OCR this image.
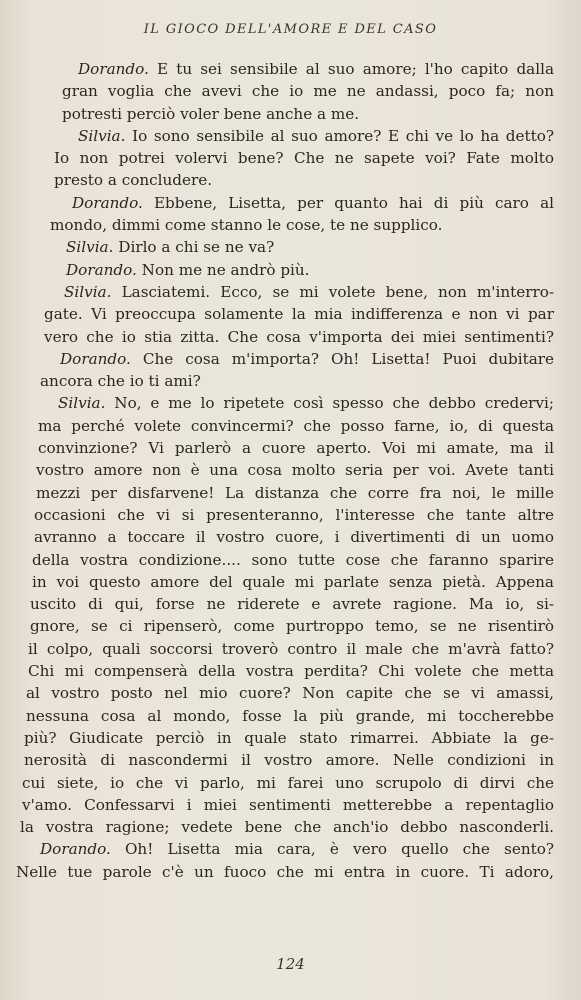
IL GIOCO DELL'AMORE E DEL CASO
Dorando. E tu sei sensibile al suo amore; l'ho capito dalla
gran voglia che avevi che io me ne andassi, poco fa; non
potresti perciò voler bene anche a me.
Silvia. Io sono sensibile al suo amore? E chi ve lo ha detto?
Io non potrei volervi bene? Che ne sapete voi? Fate molto
presto a concludere.
Dorando. Ebbene, Lisetta, per quanto hai di più caro al
mondo, dimmi come stanno le cose, te ne supplico.
Silvia. Dirlo a chi se ne va?
Dorando. Non me ne andrò più.
Silvia. Lasciatemi. Ecco, se mi volete bene, non m'interro-
gate. Vi preoccupa solamente la mia indifferenza e non vi par
vero che io stia zitta. Che cosa v'importa dei miei sentimenti?
Dorando. Che cosa m'importa? Oh! Lisetta! Puoi dubitare
ancora che io ti ami?
Silvia. No, e me lo ripetete così spesso che debbo credervi;
ma perché volete convincermi? che posso farne, io, di questa
convinzione? Vi parlerò a cuore aperto. Voi mi amate, ma il
vostro amore non è una cosa molto seria per voi. Avete tanti
mezzi per disfarvene! La distanza che corre fra noi, le mille
occasioni che vi si presenteranno, l'interesse che tante altre
avranno a toccare il vostro cuore, i divertimenti di un uomo
della vostra condizione.... sono tutte cose che faranno sparire
in voi questo amore del quale mi parlate senza pietà. Appena
uscito di qui, forse ne riderete e avrete ragione. Ma io, si-
gnore, se ci ripenserò, come purtroppo temo, se ne risentirò
il colpo, quali soccorsi troverò contro il male che m'avrà fatto?
Chi mi compenserà della vostra perdita? Chi volete che metta
al vostro posto nel mio cuore? Non capite che se vi amassi,
nessuna cosa al mondo, fosse la più grande, mi toccherebbe
più? Giudicate perciò in quale stato rimarrei. Abbiate la ge-
nerosità di nascondermi il vostro amore. Nelle condizioni in
cui siete, io che vi parlo, mi farei uno scrupolo di dirvi che
v'amo. Confessarvi i miei sentimenti metterebbe a repentaglio
la vostra ragione; vedete bene che anch'io debbo nasconderli.
Dorando. Oh! Lisetta mia cara, è vero quello che sento?
Nelle tue parole c'è un fuoco che mi entra in cuore. Ti adoro,
124
